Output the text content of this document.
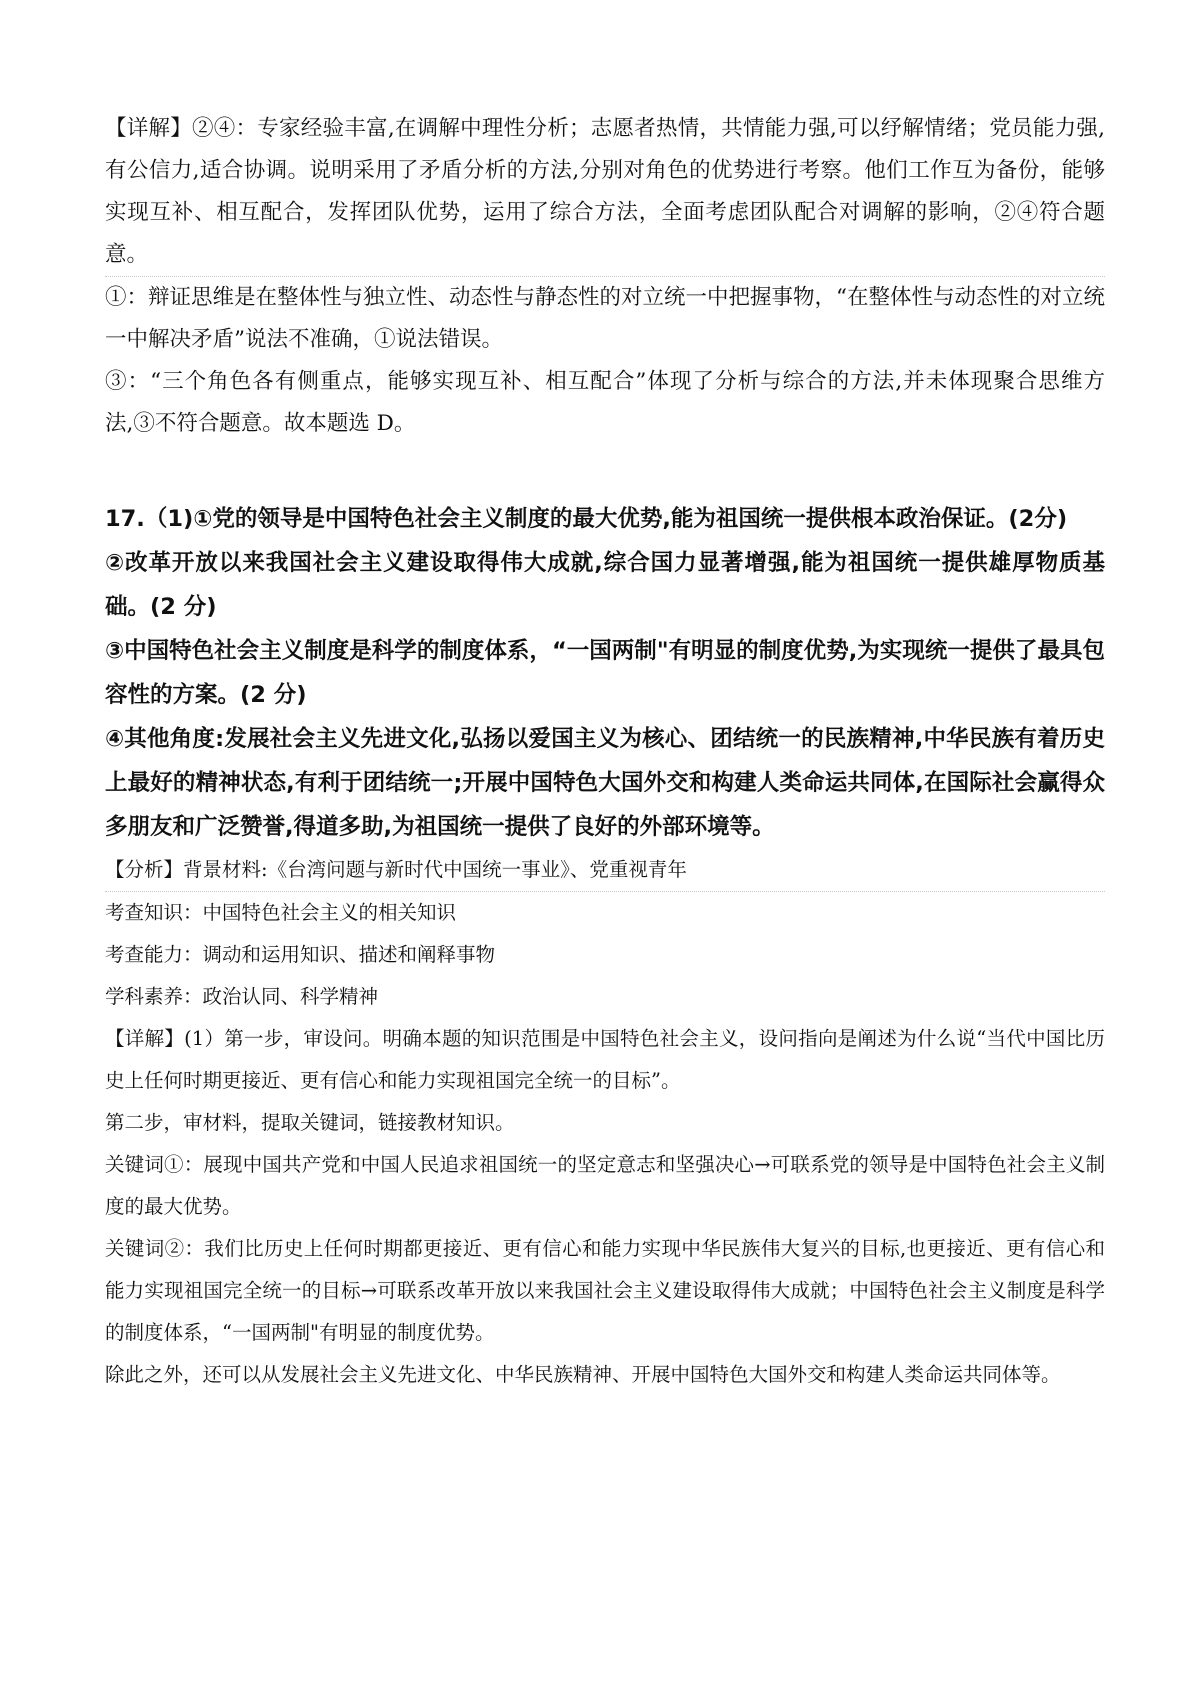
【详解】②④：专家经验丰富,在调解中理性分析；志愿者热情，共情能力强,可以纾解情绪；党员能力强,有公信力,适合协调。说明采用了矛盾分析的方法,分别对角色的优势进行考察。他们工作互为备份，能够实现互补、相互配合，发挥团队优势，运用了综合方法，全面考虑团队配合对调解的影响，②④符合题意。

①：辩证思维是在整体性与独立性、动态性与静态性的对立统一中把握事物，“在整体性与动态性的对立统一中解决矛盾”说法不准确，①说法错误。

③：“三个角色各有侧重点，能够实现互补、相互配合”体现了分析与综合的方法,并未体现聚合思维方法,③不符合题意。故本题选 D。

17.（1)①党的领导是中国特色社会主义制度的最大优势,能为祖国统一提供根本政治保证。(2分)

②改革开放以来我国社会主义建设取得伟大成就,综合国力显著增强,能为祖国统一提供雄厚物质基础。(2 分)

③中国特色社会主义制度是科学的制度体系，“一国两制"有明显的制度优势,为实现统一提供了最具包容性的方案。(2 分)

④其他角度:发展社会主义先进文化,弘扬以爱国主义为核心、团结统一的民族精神,中华民族有着历史上最好的精神状态,有利于团结统一;开展中国特色大国外交和构建人类命运共同体,在国际社会赢得众多朋友和广泛赞誉,得道多助,为祖国统一提供了良好的外部环境等。

【分析】背景材料:《台湾问题与新时代中国统一事业》、党重视青年

考查知识：中国特色社会主义的相关知识

考查能力：调动和运用知识、描述和阐释事物

学科素养：政治认同、科学精神

【详解】(1）第一步，审设问。明确本题的知识范围是中国特色社会主义，设问指向是阐述为什么说“当代中国比历史上任何时期更接近、更有信心和能力实现祖国完全统一的目标”。

第二步，审材料，提取关键词，链接教材知识。

关键词①：展现中国共产党和中国人民追求祖国统一的坚定意志和坚强决心→可联系党的领导是中国特色社会主义制度的最大优势。

关键词②：我们比历史上任何时期都更接近、更有信心和能力实现中华民族伟大复兴的目标,也更接近、更有信心和能力实现祖国完全统一的目标→可联系改革开放以来我国社会主义建设取得伟大成就；中国特色社会主义制度是科学的制度体系，“一国两制"有明显的制度优势。

除此之外，还可以从发展社会主义先进文化、中华民族精神、开展中国特色大国外交和构建人类命运共同体等。
